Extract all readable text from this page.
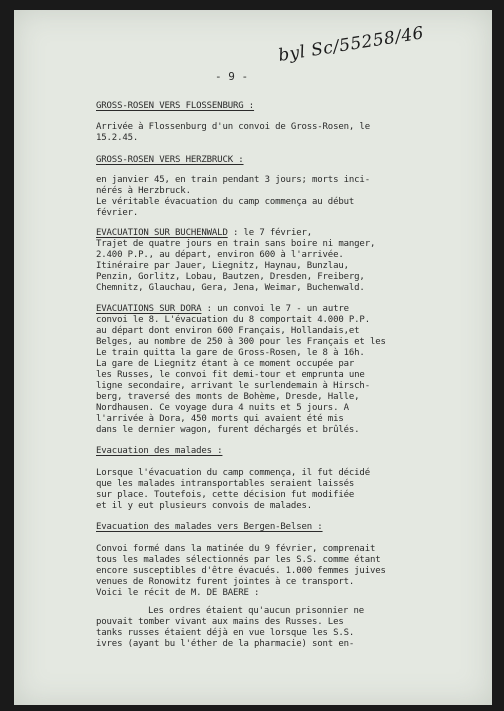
- 9 -
byl Sc/55258/46
GROSS-ROSEN VERS FLOSSENBURG :
Arrivée à Flossenburg d'un convoi de Gross-Rosen, le
15.2.45.
GROSS-ROSEN VERS HERZBRUCK :
en janvier 45, en train pendant 3 jours; morts inci-
nérés à Herzbruck.
Le véritable évacuation du camp commença au début
février.
EVACUATION SUR BUCHENWALD : le 7 février,
Trajet de quatre jours en train sans boire ni manger,
2.400 P.P., au départ, environ 600 à l'arrivée.
Itinéraire par Jauer, Liegnitz, Haynau, Bunzlau,
Penzin, Gorlitz, Lobau, Bautzen, Dresden, Freiberg,
Chemnitz, Glauchau, Gera, Jena, Weimar, Buchenwald.
EVACUATIONS SUR DORA : un convoi le 7 - un autre
convoi le 8. L'évacuation du 8 comportait 4.000 P.P.
au départ dont environ 600 Français, Hollandais,et
Belges, au nombre de 250 à 300 pour les Français et les
Le train quitta la gare de Gross-Rosen, le 8 à 16h.
La gare de Liegnitz étant à ce moment occupée par
les Russes, le convoi fit demi-tour et emprunta une
ligne secondaire, arrivant le surlendemain à Hirsch-
berg, traversé des monts de Bohème, Dresde, Halle,
Nordhausen. Ce voyage dura 4 nuits et 5 jours. A
l'arrivée à Dora, 450 morts qui avaient été mis
dans le dernier wagon, furent déchargés et brûlés.
Evacuation des malades :
Lorsque l'évacuation du camp commença, il fut décidé
que les malades intransportables seraient laissés
sur place. Toutefois, cette décision fut modifiée
et il y eut plusieurs convois de malades.
Evacuation des malades vers Bergen-Belsen :
Convoi formé dans la matinée du 9 février, comprenait
tous les malades sélectionnés par les S.S. comme étant
encore susceptibles d'être évacués. 1.000 femmes juives
venues de Ronowitz furent jointes à ce transport.
Voici le récit de M. DE BAERE :
Les ordres étaient qu'aucun prisonnier ne
pouvait tomber vivant aux mains des Russes. Les
tanks russes étaient déjà en vue lorsque les S.S.
ivres (ayant bu l'éther de la pharmacie) sont en-
